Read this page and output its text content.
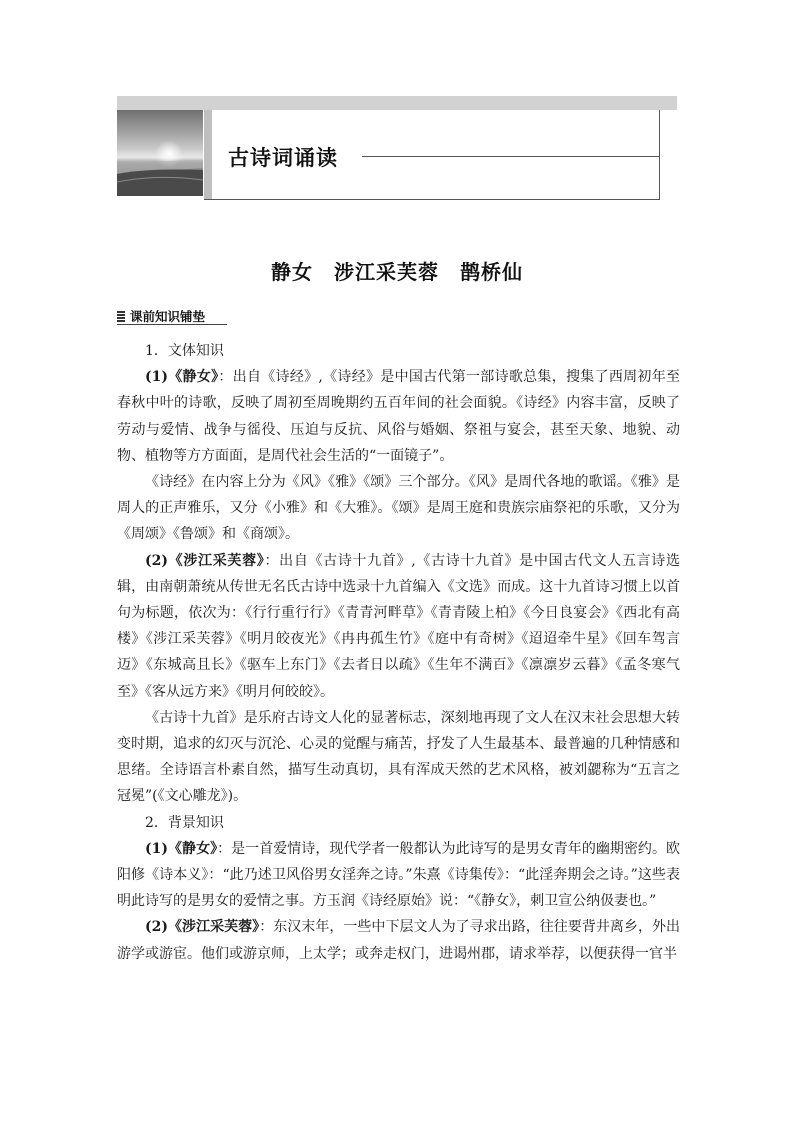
古诗词诵读
静女　涉江采芙蓉　鹊桥仙
课前知识铺垫

1．文体知识

(1)《静女》：出自《诗经》,《诗经》是中国古代第一部诗歌总集，搜集了西周初年至春秋中叶的诗歌，反映了周初至周晚期约五百年间的社会面貌。《诗经》内容丰富，反映了劳动与爱情、战争与徭役、压迫与反抗、风俗与婚姻、祭祖与宴会，甚至天象、地貌、动物、植物等方方面面，是周代社会生活的“一面镜子”。

《诗经》在内容上分为《风》《雅》《颂》三个部分。《风》是周代各地的歌谣。《雅》是周人的正声雅乐，又分《小雅》和《大雅》。《颂》是周王庭和贵族宗庙祭祀的乐歌，又分为《周颂》《鲁颂》和《商颂》。

(2)《涉江采芙蓉》：出自《古诗十九首》,《古诗十九首》是中国古代文人五言诗选辑，由南朝萧统从传世无名氏古诗中选录十九首编入《文选》而成。这十九首诗习惯上以首句为标题，依次为：《行行重行行》《青青河畔草》《青青陵上柏》《今日良宴会》《西北有高楼》《涉江采芙蓉》《明月皎夜光》《冉冉孤生竹》《庭中有奇树》《迢迢牵牛星》《回车驾言迈》《东城高且长》《驱车上东门》《去者日以疏》《生年不满百》《凛凛岁云暮》《孟冬寒气至》《客从远方来》《明月何皎皎》。

《古诗十九首》是乐府古诗文人化的显著标志，深刻地再现了文人在汉末社会思想大转变时期，追求的幻灭与沉沦、心灵的觉醒与痛苦，抒发了人生最基本、最普遍的几种情感和思绪。全诗语言朴素自然，描写生动真切，具有浑成天然的艺术风格，被刘勰称为“五言之冠冕”(《文心雕龙》)。

2．背景知识

(1)《静女》：是一首爱情诗，现代学者一般都认为此诗写的是男女青年的幽期密约。欧阳修《诗本义》：“此乃述卫风俗男女淫奔之诗。”朱熹《诗集传》：“此淫奔期会之诗。”这些表明此诗写的是男女的爱情之事。方玉润《诗经原始》说：“《静女》，刺卫宣公纳伋妻也。”

(2)《涉江采芙蓉》：东汉末年，一些中下层文人为了寻求出路，往往要背井离乡，外出游学或游宦。他们或游京师，上太学；或奔走权门，进谒州郡，请求举荐，以便获得一官半
